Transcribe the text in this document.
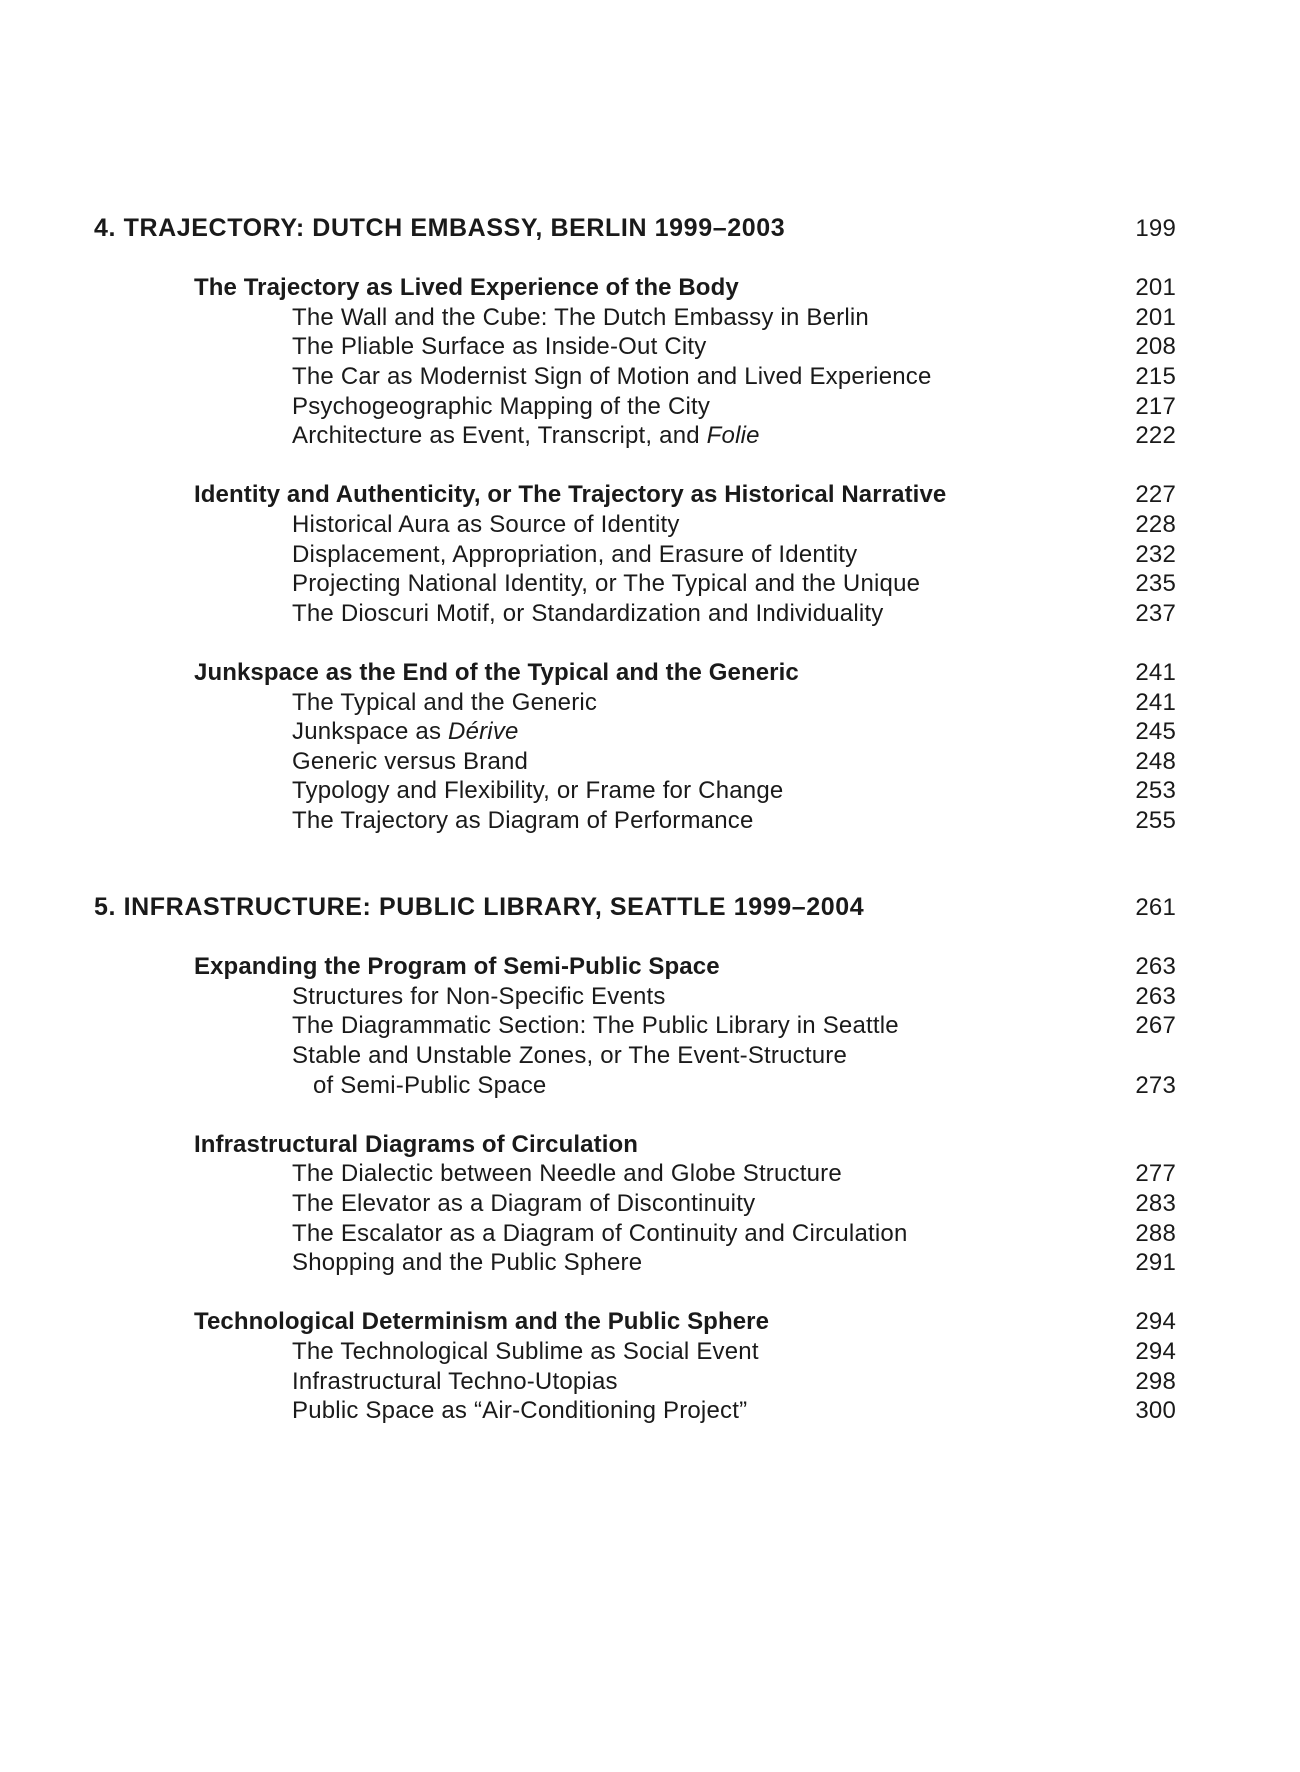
4. TRAJECTORY: DUTCH EMBASSY, BERLIN 1999–2003	199
The Trajectory as Lived Experience of the Body	201
The Wall and the Cube: The Dutch Embassy in Berlin	201
The Pliable Surface as Inside-Out City	208
The Car as Modernist Sign of Motion and Lived Experience	215
Psychogeographic Mapping of the City	217
Architecture as Event, Transcript, and Folie	222
Identity and Authenticity, or The Trajectory as Historical Narrative	227
Historical Aura as Source of Identity	228
Displacement, Appropriation, and Erasure of Identity	232
Projecting National Identity, or The Typical and the Unique	235
The Dioscuri Motif, or Standardization and Individuality	237
Junkspace as the End of the Typical and the Generic	241
The Typical and the Generic	241
Junkspace as Dérive	245
Generic versus Brand	248
Typology and Flexibility, or Frame for Change	253
The Trajectory as Diagram of Performance	255
5. INFRASTRUCTURE: PUBLIC LIBRARY, SEATTLE 1999–2004	261
Expanding the Program of Semi-Public Space	263
Structures for Non-Specific Events	263
The Diagrammatic Section: The Public Library in Seattle	267
Stable and Unstable Zones, or The Event-Structure
of Semi-Public Space	273
Infrastructural Diagrams of Circulation
The Dialectic between Needle and Globe Structure	277
The Elevator as a Diagram of Discontinuity	283
The Escalator as a Diagram of Continuity and Circulation	288
Shopping and the Public Sphere	291
Technological Determinism and the Public Sphere	294
The Technological Sublime as Social Event	294
Infrastructural Techno-Utopias	298
Public Space as “Air-Conditioning Project”	300
